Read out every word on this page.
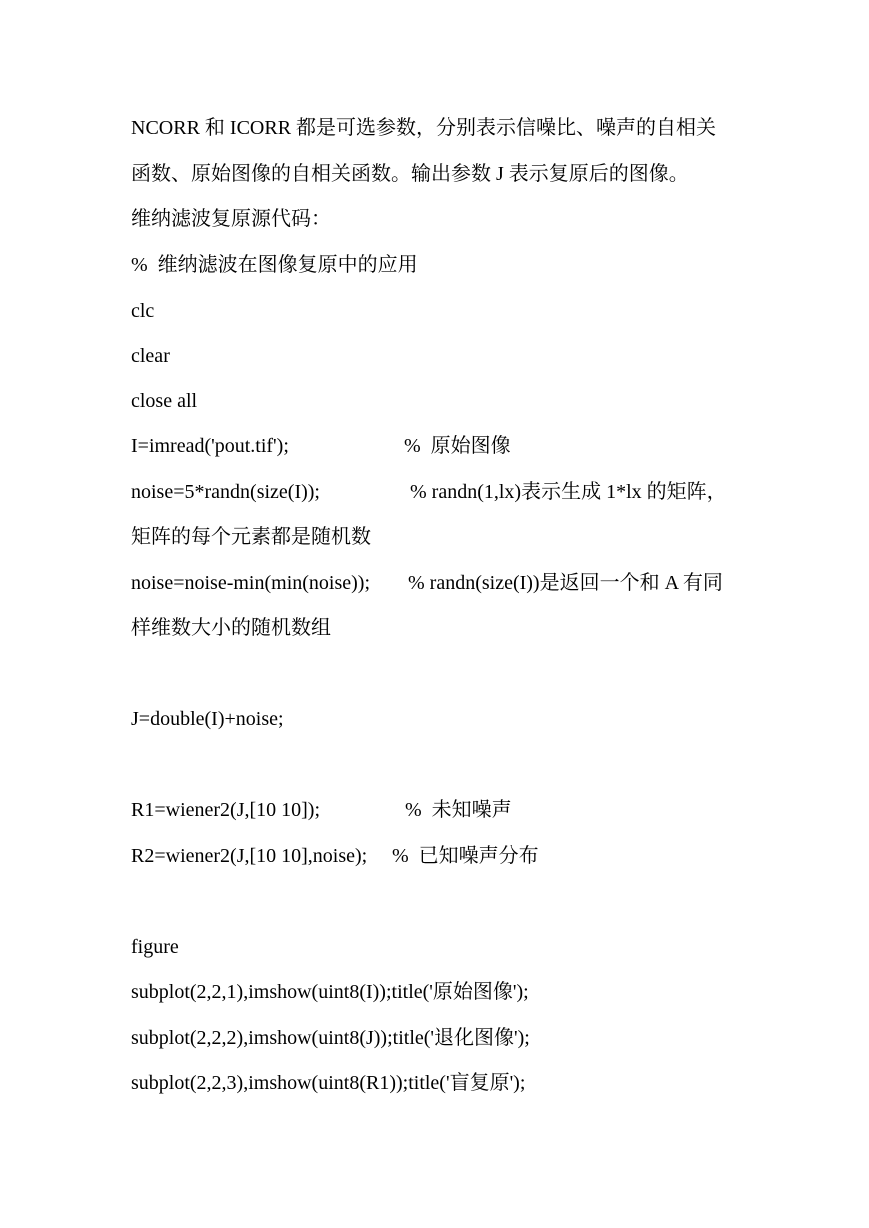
NCORR 和 ICORR 都是可选参数，分别表示信噪比、噪声的自相关
函数、原始图像的自相关函数。输出参数 J 表示复原后的图像。
维纳滤波复原源代码：
%  维纳滤波在图像复原中的应用
clc
clear
close all
I=imread('pout.tif');	%  原始图像
noise=5*randn(size(I));	% randn(1,lx)表示生成 1*lx 的矩阵，
矩阵的每个元素都是随机数
noise=noise-min(min(noise)); % randn(size(I))是返回一个和 A 有同
样维数大小的随机数组
J=double(I)+noise;
R1=wiener2(J,[10 10]);	%  未知噪声
R2=wiener2(J,[10 10],noise); %  已知噪声分布
figure
subplot(2,2,1),imshow(uint8(I));title('原始图像');
subplot(2,2,2),imshow(uint8(J));title('退化图像');
subplot(2,2,3),imshow(uint8(R1));title('盲复原');
